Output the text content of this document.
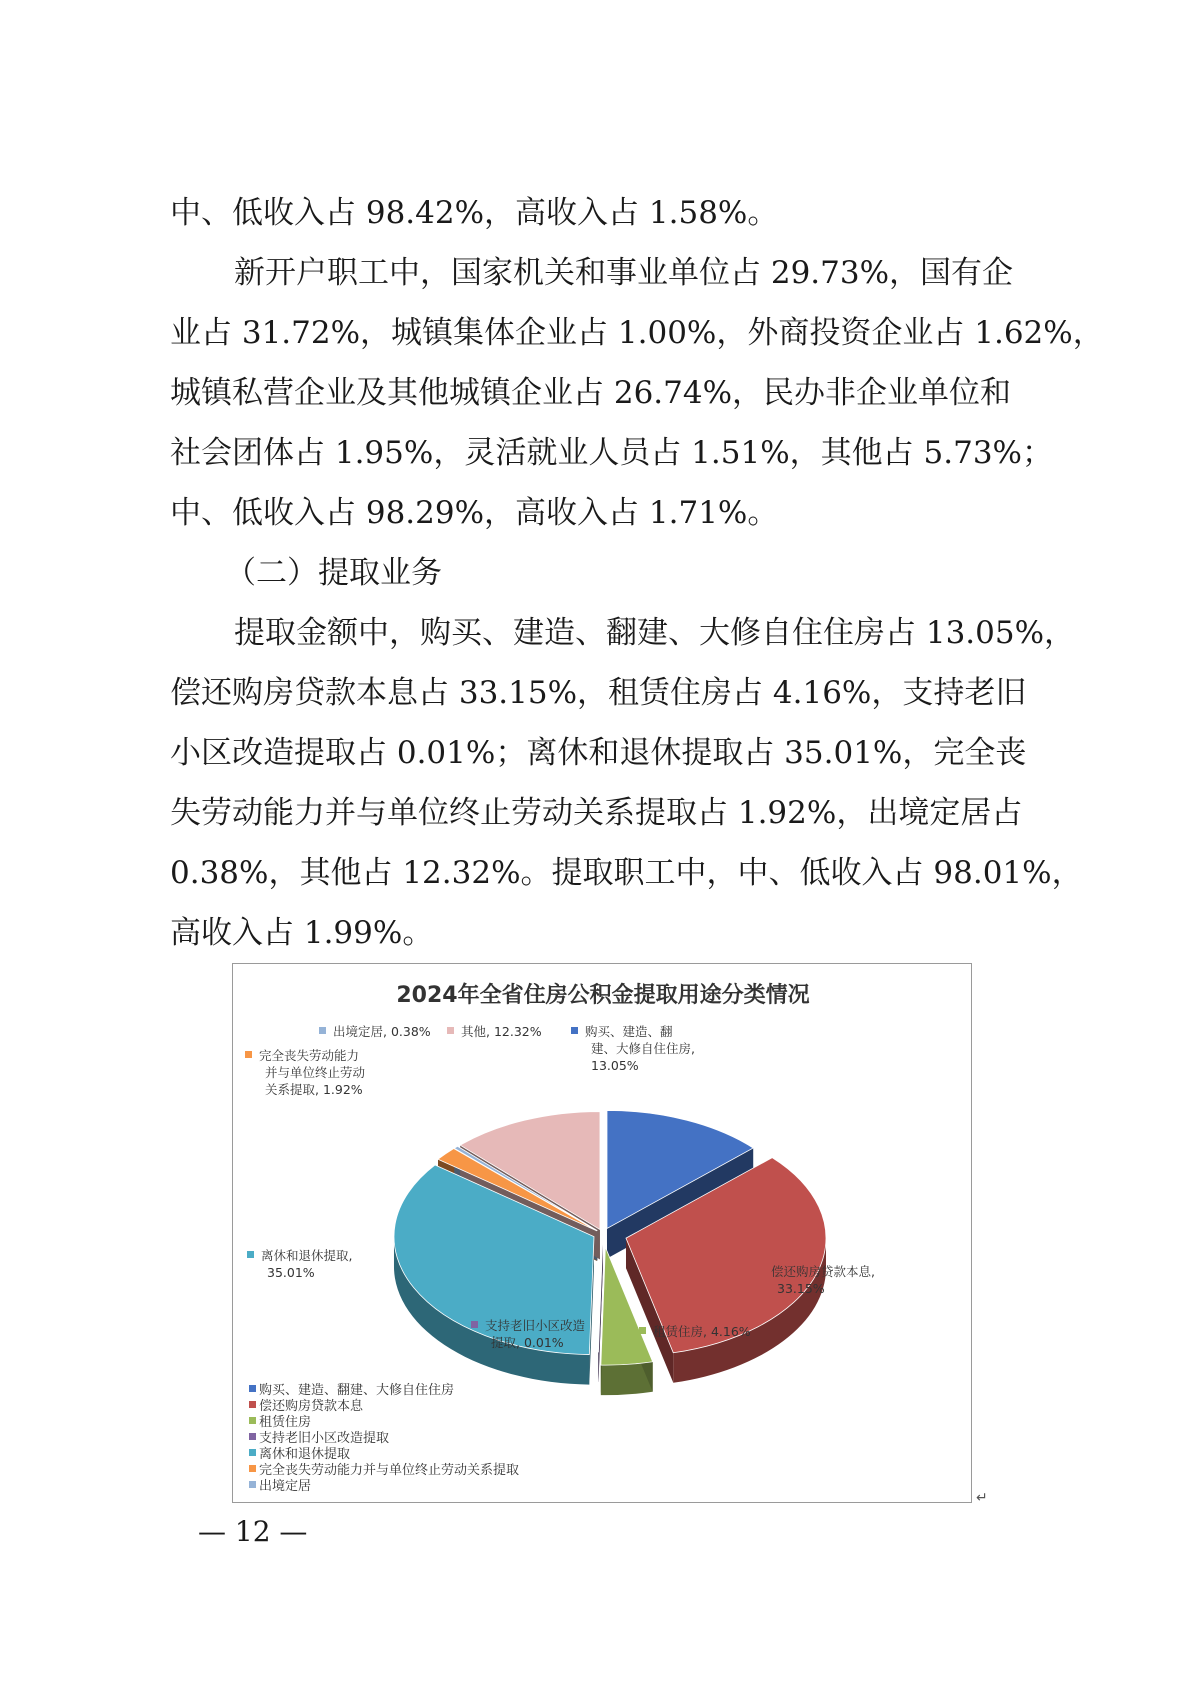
中、低收入占 98.42%，高收入占 1.58%。

新开户职工中，国家机关和事业单位占 29.73%，国有企
业占 31.72%，城镇集体企业占 1.00%，外商投资企业占 1.62%，
城镇私营企业及其他城镇企业占 26.74%，民办非企业单位和
社会团体占 1.95%，灵活就业人员占 1.51%，其他占 5.73%；
中、低收入占 98.29%，高收入占 1.71%。

（二）提取业务

提取金额中，购买、建造、翻建、大修自住住房占 13.05%，
偿还购房贷款本息占 33.15%，租赁住房占 4.16%，支持老旧
小区改造提取占 0.01%；离休和退休提取占 35.01%，完全丧
失劳动能力并与单位终止劳动关系提取占 1.92%，出境定居占
0.38%，其他占 12.32%。提取职工中，中、低收入占 98.01%，
高收入占 1.99%。

2024年全省住房公积金提取用途分类情况
购买、建造、翻
建、大修自住住房,
13.05%
偿还购房贷款本息,
33.15%
租赁住房, 4.16%
支持老旧小区改造
提取, 0.01%
离休和退休提取,
35.01%
完全丧失劳动能力
并与单位终止劳动
关系提取, 1.92%
出境定居, 0.38% 其他, 12.32%
购买、建造、翻建、大修自住住房
偿还购房贷款本息
租赁住房
支持老旧小区改造提取
离休和退休提取
完全丧失劳动能力并与单位终止劳动关系提取
出境定居
— 12 —
↵
